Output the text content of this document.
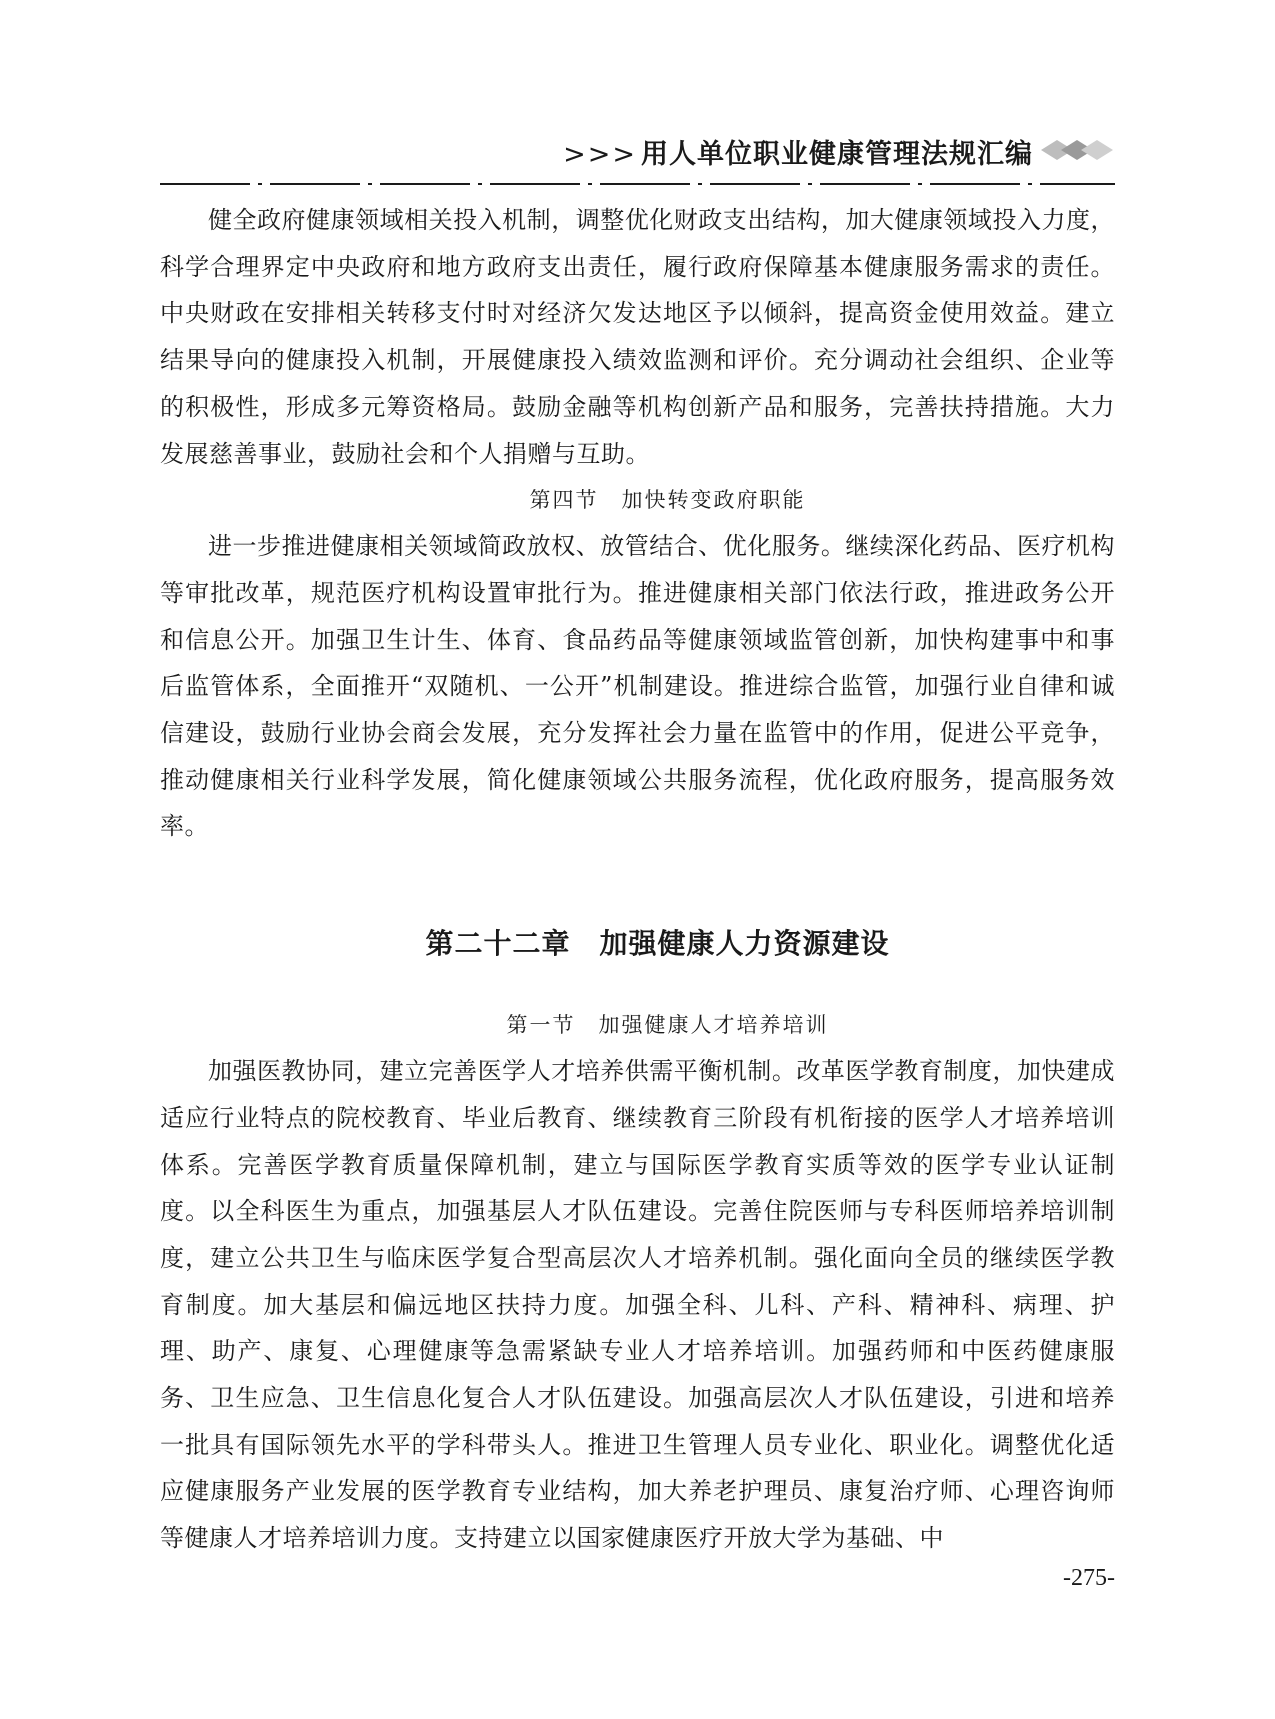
>>> 用人单位职业健康管理法规汇编

健全政府健康领域相关投入机制，调整优化财政支出结构，加大健康领域投入力度，科学合理界定中央政府和地方政府支出责任，履行政府保障基本健康服务需求的责任。中央财政在安排相关转移支付时对经济欠发达地区予以倾斜，提高资金使用效益。建立结果导向的健康投入机制，开展健康投入绩效监测和评价。充分调动社会组织、企业等的积极性，形成多元筹资格局。鼓励金融等机构创新产品和服务，完善扶持措施。大力发展慈善事业，鼓励社会和个人捐赠与互助。

第四节　加快转变政府职能

进一步推进健康相关领域简政放权、放管结合、优化服务。继续深化药品、医疗机构等审批改革，规范医疗机构设置审批行为。推进健康相关部门依法行政，推进政务公开和信息公开。加强卫生计生、体育、食品药品等健康领域监管创新，加快构建事中和事后监管体系，全面推开“双随机、一公开”机制建设。推进综合监管，加强行业自律和诚信建设，鼓励行业协会商会发展，充分发挥社会力量在监管中的作用，促进公平竞争，推动健康相关行业科学发展，简化健康领域公共服务流程，优化政府服务，提高服务效率。

第二十二章　加强健康人力资源建设

第一节　加强健康人才培养培训

加强医教协同，建立完善医学人才培养供需平衡机制。改革医学教育制度，加快建成适应行业特点的院校教育、毕业后教育、继续教育三阶段有机衔接的医学人才培养培训体系。完善医学教育质量保障机制，建立与国际医学教育实质等效的医学专业认证制度。以全科医生为重点，加强基层人才队伍建设。完善住院医师与专科医师培养培训制度，建立公共卫生与临床医学复合型高层次人才培养机制。强化面向全员的继续医学教育制度。加大基层和偏远地区扶持力度。加强全科、儿科、产科、精神科、病理、护理、助产、康复、心理健康等急需紧缺专业人才培养培训。加强药师和中医药健康服务、卫生应急、卫生信息化复合人才队伍建设。加强高层次人才队伍建设，引进和培养一批具有国际领先水平的学科带头人。推进卫生管理人员专业化、职业化。调整优化适应健康服务产业发展的医学教育专业结构，加大养老护理员、康复治疗师、心理咨询师等健康人才培养培训力度。支持建立以国家健康医疗开放大学为基础、中

-275-
